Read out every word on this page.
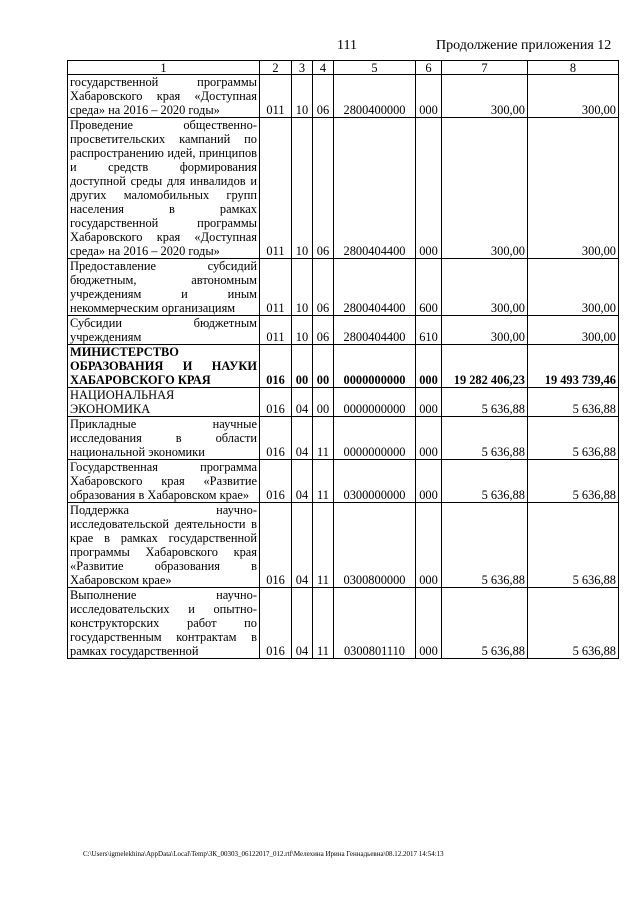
111	Продолжение приложения 12
1	2	3	4	5	6	7	8
государственной программы Хабаровского края «Доступная среда» на 2016 – 2020 годы»	011	10	06	2800400000	000	300,00	300,00
Проведение общественно-просветительских кампаний по распространению идей, принципов и средств формирования доступной среды для инвалидов и других маломобильных групп населения в рамках государственной программы Хабаровского края «Доступная среда» на 2016 – 2020 годы»	011	10	06	2800404400	000	300,00	300,00
Предоставление субсидий бюджетным, автономным учреждениям и иным некоммерческим организациям	011	10	06	2800404400	600	300,00	300,00
Субсидии бюджетным учреждениям	011	10	06	2800404400	610	300,00	300,00
МИНИСТЕРСТВО ОБРАЗОВАНИЯ И НАУКИ ХАБАРОВСКОГО КРАЯ	016	00	00	0000000000	000	19 282 406,23	19 493 739,46
НАЦИОНАЛЬНАЯ ЭКОНОМИКА	016	04	00	0000000000	000	5 636,88	5 636,88
Прикладные научные исследования в области национальной экономики	016	04	11	0000000000	000	5 636,88	5 636,88
Государственная программа Хабаровского края «Развитие образования в Хабаровском крае»	016	04	11	0300000000	000	5 636,88	5 636,88
Поддержка научно-исследовательской деятельности в крае в рамках государственной программы Хабаровского края «Развитие образования в Хабаровском крае»	016	04	11	0300800000	000	5 636,88	5 636,88
Выполнение научно-исследовательских и опытно-конструкторских работ по государственным контрактам в рамках государственной	016	04	11	0300801110	000	5 636,88	5 636,88
C:\Users\igmelekhina\AppData\Local\Temp\ЗК_00303_06122017_012.rtf\Мелехина Ирина Геннадьевна\08.12.2017 14:54:13
